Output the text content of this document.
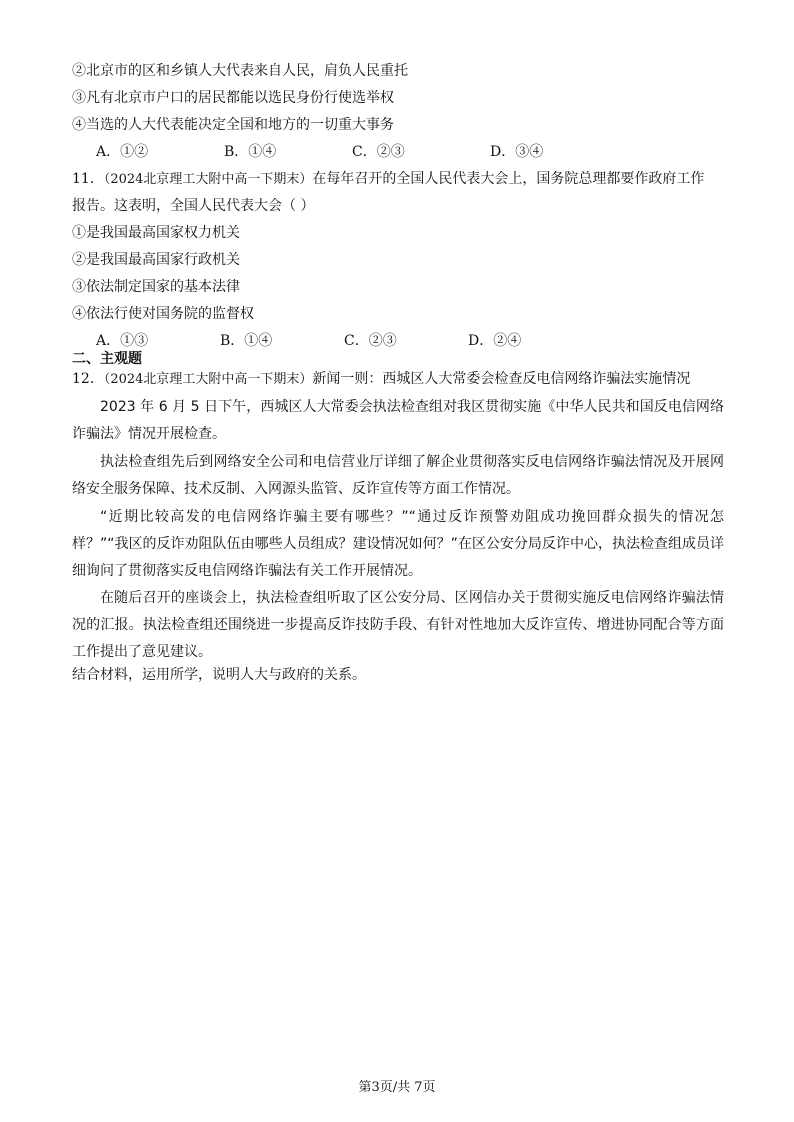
②北京市的区和乡镇人大代表来自人民，肩负人民重托
③凡有北京市户口的居民都能以选民身份行使选举权
④当选的人大代表能决定全国和地方的一切重大事务
A．①②	B．①④	C．②③	D．③④
11．（2024北京理工大附中高一下期末）在每年召开的全国人民代表大会上，国务院总理都要作政府工作
报告。这表明，全国人民代表大会（ ）
①是我国最高国家权力机关
②是我国最高国家行政机关
③依法制定国家的基本法律
④依法行使对国务院的监督权
A．①③	B．①④	C．②③	D．②④
二、主观题
12．（2024北京理工大附中高一下期末）新闻一则：西城区人大常委会检查反电信网络诈骗法实施情况
2023 年 6 月 5 日下午，西城区人大常委会执法检查组对我区贯彻实施《中华人民共和国反电信网络诈骗法》情况开展检查。
执法检查组先后到网络安全公司和电信营业厅详细了解企业贯彻落实反电信网络诈骗法情况及开展网络安全服务保障、技术反制、入网源头监管、反诈宣传等方面工作情况。
“近期比较高发的电信网络诈骗主要有哪些？”“通过反诈预警劝阻成功挽回群众损失的情况怎样？”“我区的反诈劝阻队伍由哪些人员组成？建设情况如何？”在区公安分局反诈中心，执法检查组成员详细询问了贯彻落实反电信网络诈骗法有关工作开展情况。
在随后召开的座谈会上，执法检查组听取了区公安分局、区网信办关于贯彻实施反电信网络诈骗法情况的汇报。执法检查组还围绕进一步提高反诈技防手段、有针对性地加大反诈宣传、增进协同配合等方面工作提出了意见建议。
结合材料，运用所学，说明人大与政府的关系。
第3页/共 7页
